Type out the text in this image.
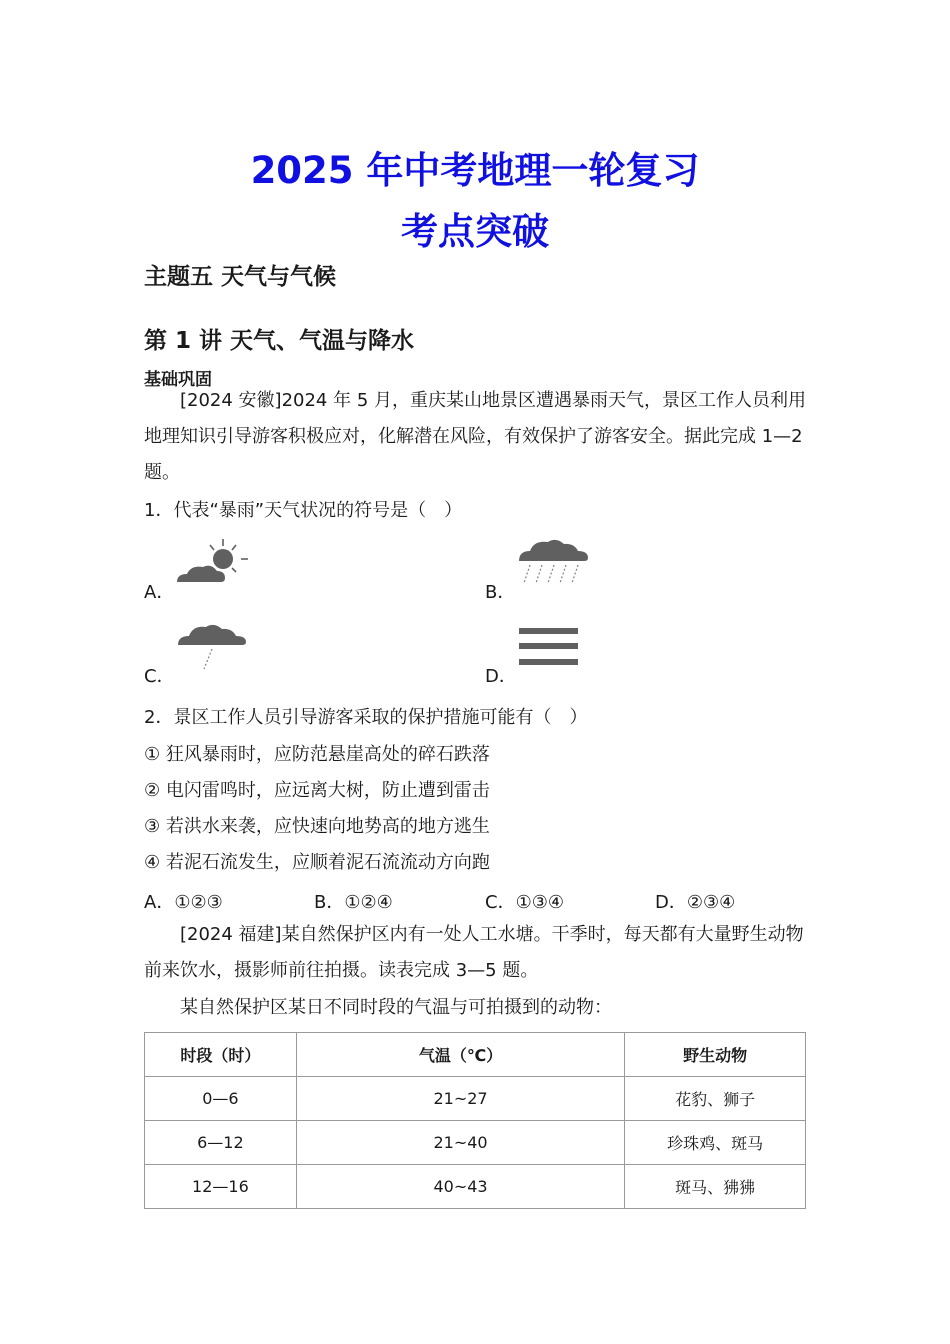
2025 年中考地理一轮复习
考点突破
主题五 天气与气候
第 1 讲 天气、气温与降水
基础巩固
[2024 安徽]2024 年 5 月，重庆某山地景区遭遇暴雨天气，景区工作人员利用地理知识引导游客积极应对，化解潜在风险，有效保护了游客安全。据此完成 1—2 题。
1．代表“暴雨”天气状况的符号是（　）
A．	B．
C．	D．
2．景区工作人员引导游客采取的保护措施可能有（　）
① 狂风暴雨时，应防范悬崖高处的碎石跌落
② 电闪雷鸣时，应远离大树，防止遭到雷击
③ 若洪水来袭，应快速向地势高的地方逃生
④ 若泥石流发生，应顺着泥石流流动方向跑
A．①②③	B．①②④	C．①③④	D．②③④
[2024 福建]某自然保护区内有一处人工水塘。干季时，每天都有大量野生动物前来饮水，摄影师前往拍摄。读表完成 3—5 题。
某自然保护区某日不同时段的气温与可拍摄到的动物：
时段（时）	气温（℃）	野生动物
0—6	21~27	花豹、狮子
6—12	21~40	珍珠鸡、斑马
12—16	40~43	斑马、狒狒
